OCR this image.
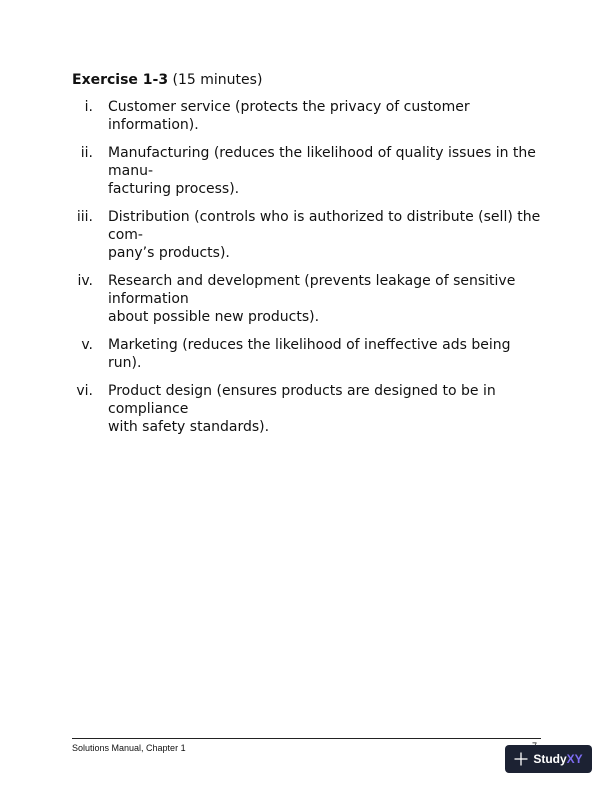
Exercise 1-3 (15 minutes)
i.	Customer service (protects the privacy of customer information).
ii.	Manufacturing (reduces the likelihood of quality issues in the manu-
facturing process).
iii.	Distribution (controls who is authorized to distribute (sell) the com-
pany’s products).
iv.	Research and development (prevents leakage of sensitive information
about possible new products).
v.	Marketing (reduces the likelihood of ineffective ads being run).
vi.	Product design (ensures products are designed to be in compliance
with safety standards).
Solutions Manual, Chapter 1
Study XY
